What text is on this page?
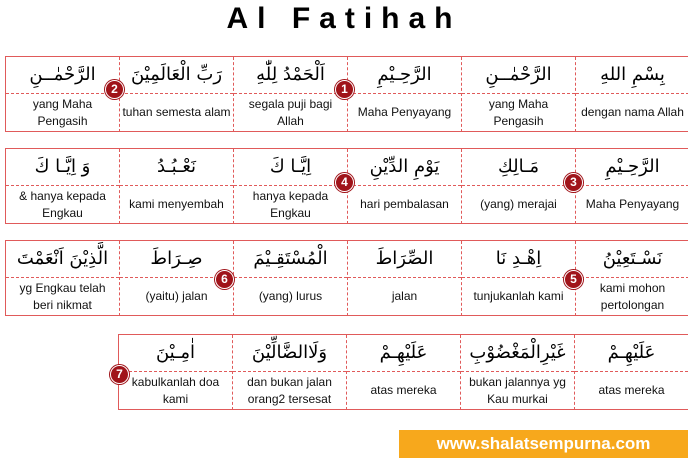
Al Fatihah
الرَّحْمٰــنِ
yang Maha Pengasih
رَبِّ الْعَالَمِيْنَ
tuhan semesta alam
اَلْحَمْدُ لِلّٰهِ
segala puji bagi Allah
الرَّحِـيْمِ
Maha Penyayang
الرَّحْمٰــنِ
yang Maha Pengasih
بِسْمِ اللهِ
dengan nama Allah
وَ اِيَّـا كَ
& hanya kepada Engkau
نَعْـبُـدُ
kami menyembah
اِيَّـا كَ
hanya kepada Engkau
يَوْمِ الدِّيْنِ
hari pembalasan
مَـالِكِ
(yang) merajai
الرَّحِـيْمِ
Maha Penyayang
الَّذِيْنَ اَنْعَمْتَ
yg Engkau telah beri nikmat
صِـرَاطَ
(yaitu) jalan
الْمُسْتَقِـيْمَ
(yang) lurus
الصِّرَاطَ
jalan
اِهْـدِ نَا
tunjukanlah kami
نَسْـتَعِيْنُ
kami mohon pertolongan
اٰمِـيْنَ
kabulkanlah doa kami
وَلَاالضَّالِّيْنَ
dan bukan jalan orang2 tersesat
عَلَيْهِـمْ
atas mereka
غَيْرِالْمَغْضُوْبِ
bukan jalannya yg Kau murkai
عَلَيْهِـمْ
atas mereka
1
2
3
4
5
6
7
www.shalatsempurna.com
